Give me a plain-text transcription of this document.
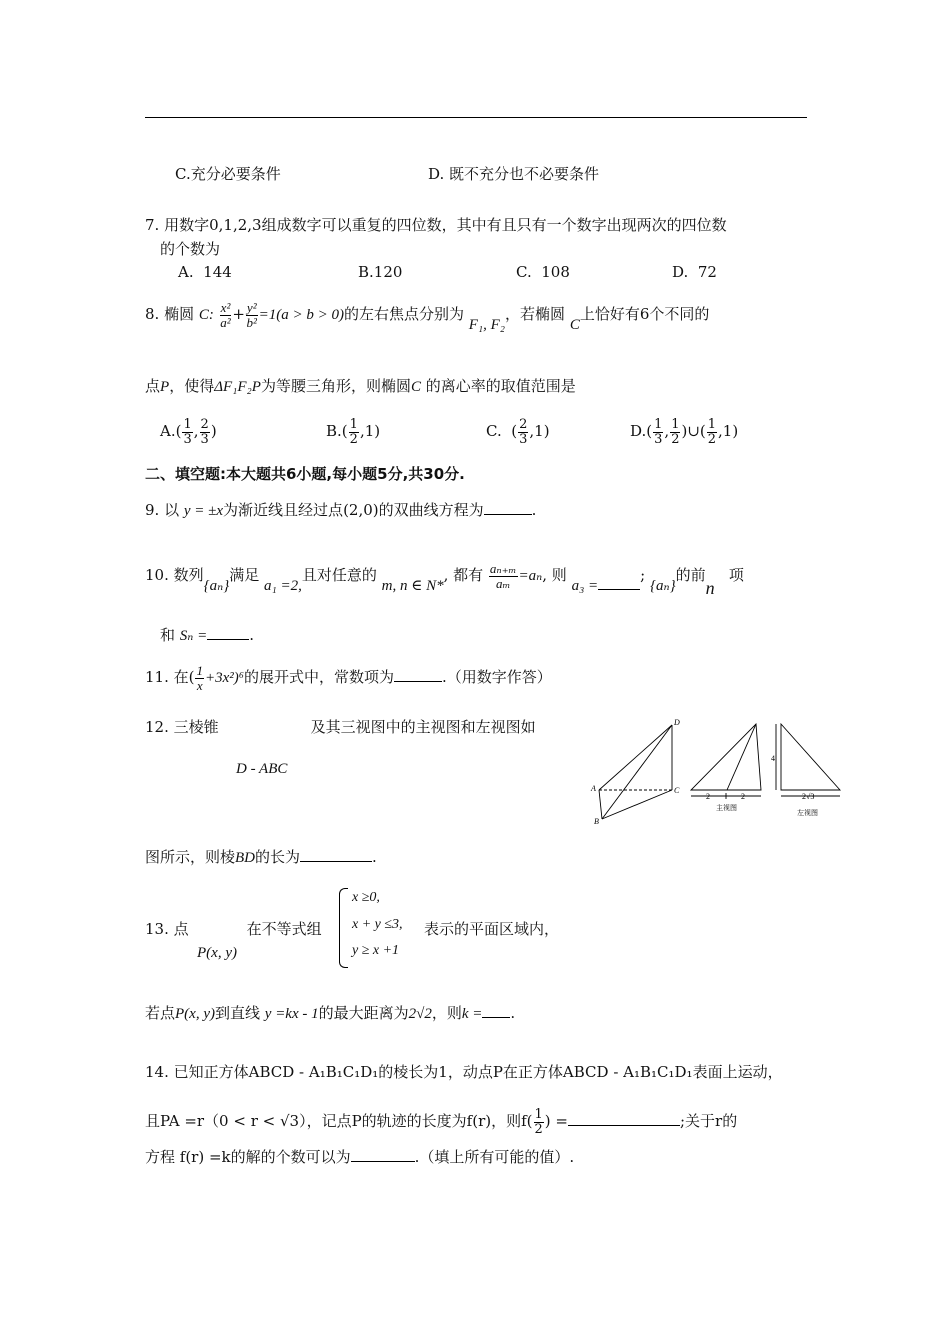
C.充分必要条件	D. 既不充分也不必要条件
7. 用数字0,1,2,3组成数字可以重复的四位数，其中有且只有一个数字出现两次的四位数
的个数为
A. 144	B.120	C. 108	D. 72
8. 椭圆 C: $\frac{\text{x²}}{\text{a²}} + \frac{\text{y²}}{\text{b²}} =1(a > b > 0)$的左右焦点分别为 F₁, F₂，若椭圆 C上恰好有6个不同的
点P，使得ΔF₁F₂P为等腰三角形，则椭圆C 的离心率的取值范围是
$A.( \frac{1}{3}$ , $\frac{2}{3}$ )	$B.( \frac{1}{2} ,1)$	C.  ( $\frac{2}{3} ,1$)	$D.( \frac{1}{3}$ , $\frac{1}{2}$ )∪( $\frac{1}{2} ,1$)
二、填空题:本大题共6小题,每小题5分,共30分.
9. 以 y = ±x为渐近线且经过点(2,0)的双曲线方程为	.
10. 数列{aₙ}满足 a₁ =2,且对任意的 m, n ∈ N*, 都有 $\frac{\text{aₙ₊ₘ}}{\text{aₘ}} =a_n$, 则 a₃ =; {aₙ}的前n   项
和 Sₙ =	.
11. 在( $\frac{1}{x} +3x^2)^6$的展开式中，常数项为	.（用数字作答）
12. 三棱锥	及其三视图中的主视图和左视图如
D - ABC
图所示，则棱BD的长为	.
D
A	C
B
2	2
主视图
4
2√3
左视图
13. 点	在不等式组
P(x, y)
x ≥0,
x + y ≤3,
y ≥ x +1
表示的平面区域内，
若点P(x, y)到直线 y =kx - 1的最大距离为2√2，则k = .
14. 已知正方体ABCD - A₁B₁C₁D₁的棱长为1，动点P在正方体ABCD - A₁B₁C₁D₁表面上运动，
且PA =r（0 < r < √3），记点P的轨迹的长度为f(r)，则$f( \frac{1}{2}$ ) =	;关于r的
方程 f(r) =k的解的个数可以为	.（填上所有可能的值）.
